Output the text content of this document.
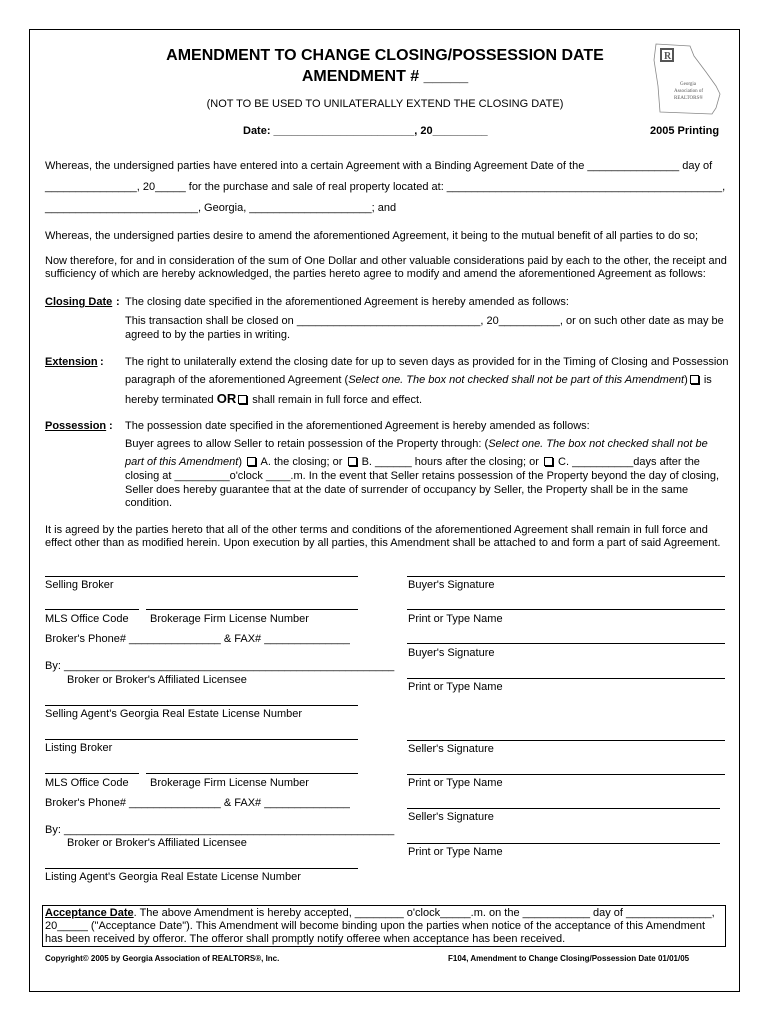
AMENDMENT TO CHANGE CLOSING/POSSESSION DATE
AMENDMENT # _____
(NOT TO BE USED TO UNILATERALLY EXTEND THE CLOSING DATE)
Date: _______________________, 20_________	2005 Printing
R
Georgia
Association of
REALTORS®
Whereas, the undersigned parties have entered into a certain Agreement with a Binding Agreement Date of the _______________ day of
_______________, 20_____ for the purchase and sale of real property located at: _____________________________________________,
_________________________, Georgia, ____________________; and
Whereas, the undersigned parties desire to amend the aforementioned Agreement, it being to the mutual benefit of all parties to do so;
Now therefore, for and in consideration of the sum of One Dollar and other valuable considerations paid by each to the other, the receipt and
sufficiency of which are hereby acknowledged, the parties hereto agree to modify and amend the aforementioned Agreement as follows:
Closing Date : The closing date specified in the aforementioned Agreement is hereby amended as follows:
This transaction shall be closed on ______________________________, 20__________, or on such other date as may be
agreed to by the parties in writing.
Extension : The right to unilaterally extend the closing date for up to seven days as provided for in the Timing of Closing and Possession
paragraph of the aforementioned Agreement (Select one. The box not checked shall not be part of this Amendment) is
hereby terminated OR shall remain in full force and effect.
Possession : The possession date specified in the aforementioned Agreement is hereby amended as follows:
Buyer agrees to allow Seller to retain possession of the Property through: (Select one. The box not checked shall not be
part of this Amendment) A. the closing; or B. ______ hours after the closing; or C. __________days after the
closing at _________o'clock ____.m. In the event that Seller retains possession of the Property beyond the day of closing,
Seller does hereby guarantee that at the date of surrender of occupancy by Seller, the Property shall be in the same
condition.
It is agreed by the parties hereto that all of the other terms and conditions of the aforementioned Agreement shall remain in full force and
effect other than as modified herein. Upon execution by all parties, this Amendment shall be attached to and form a part of said Agreement.
Selling Broker
MLS Office Code Brokerage Firm License Number
Broker's Phone# _______________ & FAX# ______________
By: ______________________________________________________
Broker or Broker's Affiliated Licensee
Selling Agent's Georgia Real Estate License Number
Listing Broker
MLS Office Code Brokerage Firm License Number
Broker's Phone# _______________ & FAX# ______________
By: ______________________________________________________
Broker or Broker's Affiliated Licensee
Listing Agent's Georgia Real Estate License Number
Buyer's Signature
Print or Type Name
Buyer's Signature
Print or Type Name
Seller's Signature
Print or Type Name
Seller's Signature
Print or Type Name
Acceptance Date. The above Amendment is hereby accepted, ________ o'clock_____.m. on the ___________ day of ______________,
20_____ ("Acceptance Date"). This Amendment will become binding upon the parties when notice of the acceptance of this Amendment
has been received by offeror. The offeror shall promptly notify offeree when acceptance has been received.
Copyright© 2005 by Georgia Association of REALTORS®, Inc.	F104, Amendment to Change Closing/Possession Date 01/01/05
